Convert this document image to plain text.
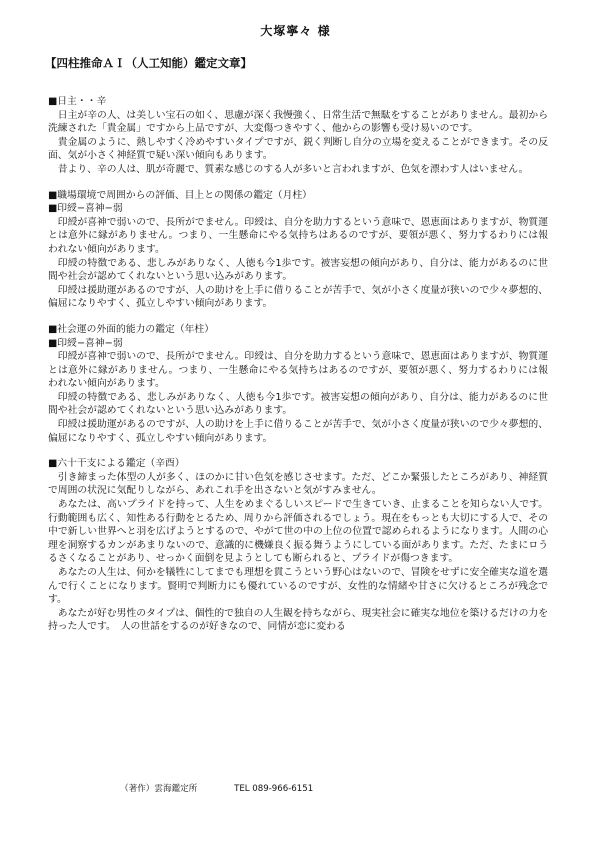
大塚寧々 様
【四柱推命ＡＩ（人工知能）鑑定文章】
■日主・・辛
日主が辛の人、は美しい宝石の如く、思慮が深く我慢強く、日常生活で無駄をすることがありません。最初から洗練された「貴金属」ですから上品ですが、大変傷つきやすく、他からの影響も受け易いのです。
貴金属のように、熱しやすく冷めやすいタイプですが、鋭く判断し自分の立場を変えることができます。その反面、気が小さく神経質で疑い深い傾向もあります。
昔より、辛の人は、肌が奇麗で、質素な感じのする人が多いと言われますが、色気を漂わす人はいません。
■職場環境で周囲からの評価、目上との関係の鑑定（月柱）
■印綬−喜神−弱
印綬が喜神で弱いので、長所がでません。印綬は、自分を助力するという意味で、恩恵面はありますが、物質運とは意外に縁がありません。つまり、一生懸命にやる気持ちはあるのですが、要領が悪く、努力するわりには報われない傾向があります。
印綬の特徴である、悲しみがありなく、人徳も今1歩です。被害妄想の傾向があり、自分は、能力があるのに世間や社会が認めてくれないという思い込みがあります。
印綬は援助運があるのですが、人の助けを上手に借りることが苦手で、気が小さく度量が狭いので少々夢想的、偏屈になりやすく、孤立しやすい傾向があります。
■社会運の外面的能力の鑑定（年柱）
■印綬−喜神−弱
印綬が喜神で弱いので、長所がでません。印綬は、自分を助力するという意味で、恩恵面はありますが、物質運とは意外に縁がありません。つまり、一生懸命にやる気持ちはあるのですが、要領が悪く、努力するわりには報われない傾向があります。
印綬の特徴である、悲しみがありなく、人徳も今1歩です。被害妄想の傾向があり、自分は、能力があるのに世間や社会が認めてくれないという思い込みがあります。
印綬は援助運があるのですが、人の助けを上手に借りることが苦手で、気が小さく度量が狭いので少々夢想的、偏屈になりやすく、孤立しやすい傾向があります。
■六十干支による鑑定（辛酉）
引き締まった体型の人が多く、ほのかに甘い色気を感じさせます。ただ、どこか緊張したところがあり、神経質で周囲の状況に気配りしながら、あれこれ手を出さないと気がすみません。
あなたは、高いプライドを持って、人生をめまぐるしいスピードで生きていき、止まることを知らない人です。行動範囲も広く、知性ある行動をとるため、周りから評価されるでしょう。現在をもっとも大切にする人で、その中で新しい世界へと羽を広げようとするので、やがて世の中の上位の位置で認められるようになります。人間の心理を洞察するカンがあまりないので、意識的に機嫌良く振る舞うようにしている面があります。ただ、たまにロうるさくなることがあり、せっかく面倒を見ようとしても断られると、プライドが傷つきます。
あなたの人生は、何かを犠牲にしてまでも理想を貫こうという野心はないので、冒険をせずに安全確実な道を選んで行くことになります。賢明で判断力にも優れているのですが、女性的な情緒や甘さに欠けるところが残念です。
あなたが好む男性のタイプは、個性的で独自の人生観を持ちながら、現実社会に確実な地位を築けるだけの力を持った人です。　人の世話をするのが好きなので、同情が恋に変わる
（著作）雲海鑑定所	TEL 089-966-6151
